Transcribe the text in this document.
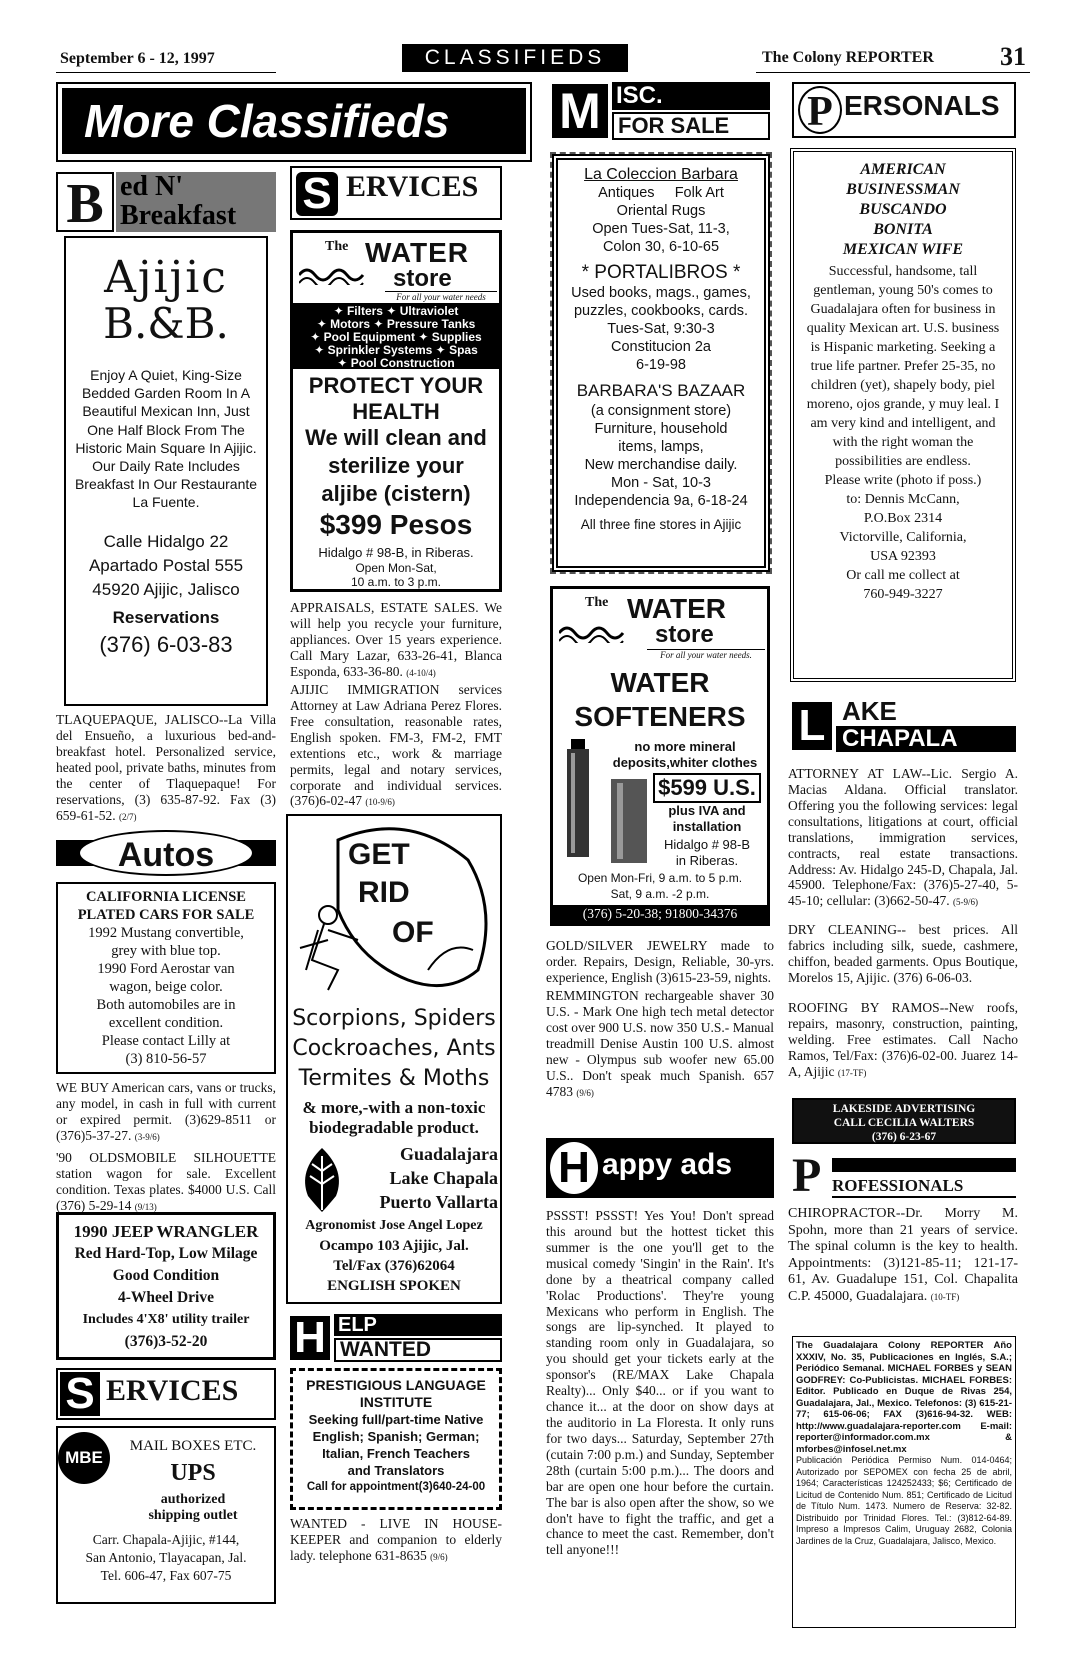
September 6 - 12, 1997	CLASSIFIEDS	The Colony REPORTER	31
More Classifieds
B ed N' Breakfast
Ajijic
B.&B.
Enjoy A Quiet, King-Size Bedded Garden Room In A Beautiful Mexican Inn, Just One Half Block From The Historic Main Square In Ajijic. Our Daily Rate Includes Breakfast In Our Restaurante La Fuente.
Calle Hidalgo 22
Apartado Postal 555
45920 Ajijic, Jalisco
Reservations
(376) 6-03-83
TLAQUEPAQUE, JALISCO--La Villa del Ensueño, a luxurious bed-and-breakfast hotel. Personalized service, heated pool, private baths, minutes from the center of Tlaquepaque! For reservations, (3) 635-87-92. Fax (3) 659-61-52. (2/7)
Autos
CALIFORNIA LICENSE
PLATED CARS FOR SALE
1992 Mustang convertible,
grey with blue top.
1990 Ford Aerostar van
wagon, beige color.
Both automobiles are in
excellent condition.
Please contact Lilly at
(3) 810-56-57
WE BUY American cars, vans or trucks, any model, in cash in full with current or expired permit. (3)629-8511 or (376)5-37-27. (3-9/6)
'90 OLDSMOBILE SILHOUETTE station wagon for sale. Excellent condition. Texas plates. $4000 U.S. Call (376) 5-29-14 (9/13)
1990 JEEP WRANGLER
Red Hard-Top, Low Milage
Good Condition
4-Wheel Drive
Includes 4'X8' utility trailer
(376)3-52-20
S ERVICES
MBE
MAIL BOXES ETC.
UPS
authorized
shipping outlet
Carr. Chapala-Ajijic, #144,
San Antonio, Tlayacapan, Jal.
Tel. 606-47, Fax 607-75
S ERVICES
The WATER
store
For all your water needs
✦ Filters ✦ Ultraviolet
✦ Motors ✦ Pressure Tanks
✦ Pool Equipment ✦ Supplies
✦ Sprinkler Systems ✦ Spas
✦ Pool Construction
PROTECT YOUR
HEALTH
We will clean and
sterilize your
aljibe (cistern)
$399 Pesos
Hidalgo # 98-B, in Riberas.
Open Mon-Sat,
10 a.m. to 3 p.m.
APPRAISALS, ESTATE SALES. We will help you recycle your furniture, appliances. Over 15 years experience. Call Mary Lazar, 633-26-41, Blanca Esponda, 633-36-80. (4-10/4)
AJIJIC IMMIGRATION services Attorney at Law Adriana Perez Flores. Free consultation, reasonable rates, English spoken. FM-3, FM-2, FMT extentions etc., work & marriage permits, legal and notary services, corporate and individual services. (376)6-02-47 (10-9/6)
GET
RID
OF
Scorpions, Spiders
Cockroaches, Ants
Termites & Moths
& more,-with a non-toxic
biodegradable product.
Guadalajara
Lake Chapala
Puerto Vallarta
Agronomist Jose Angel Lopez
Ocampo 103 Ajijic, Jal.
Tel/Fax (376)62064
ENGLISH SPOKEN
H ELP
WANTED
PRESTIGIOUS LANGUAGE
INSTITUTE
Seeking full/part-time Native
English; Spanish; German;
Italian, French Teachers
and Translators
Call for appointment(3)640-24-00
WANTED - LIVE IN HOUSE-KEEPER and companion to elderly lady. telephone 631-8635 (9/6)
M ISC.
FOR SALE
La Coleccion Barbara
Antiques     Folk Art
Oriental Rugs
Open Tues-Sat, 11-3,
Colon 30, 6-10-65
* PORTALIBROS *
Used books, mags., games,
puzzles, cookbooks, cards.
Tues-Sat, 9:30-3
Constitucion 2a
6-19-98
BARBARA'S BAZAAR
(a consignment store)
Furniture, household
items, lamps,
New merchandise daily.
Mon - Sat, 10-3
Independencia 9a, 6-18-24
All three fine stores in Ajijic
The WATER
store
For all your water needs.
WATER
SOFTENERS
no more mineral
deposits,whiter clothes
$599 U.S.
plus IVA and
installation
Hidalgo # 98-B
in Riberas.
Open Mon-Fri, 9 a.m. to 5 p.m.
Sat, 9 a.m. -2 p.m.
(376) 5-20-38; 91800-34376
GOLD/SILVER JEWELRY made to order. Repairs, Design, Reliable, 30-yrs. experience, English (3)615-23-59, nights.
REMMINGTON rechargeable shaver 30 U.S. - Mark One high tech metal detector cost over 900 U.S. now 350 U.S.- Manual treadmill Denise Austin 100 U.S. almost new - Olympus sub woofer new 65.00 U.S.. Don't speak much Spanish. 657 4783 (9/6)
H appy ads
PSSST! PSSST! Yes You! Don't spread this around but the hottest ticket this summer is the one you'll get to the musical comedy 'Singin' in the Rain'. It's done by a theatrical company called 'Rolac Productions'. They're young Mexicans who perform in English. The songs are lip-synched. It played to standing room only in Guadalajara, so you should get your tickets early at the sponsor's (RE/MAX Lake Chapala Realty)... Only $40... or if you want to chance it... at the door on show days at the auditorio in La Floresta. It only runs for two days... Saturday, September 27th (cutain 7:00 p.m.) and Sunday, September 28th (curtain 5:00 p.m.)... The doors and bar are open one hour before the curtain. The bar is also open after the show, so we don't have to fight the traffic, and get a chance to meet the cast. Remember, don't tell anyone!!!
P ERSONALS
AMERICAN
BUSINESSMAN
BUSCANDO
BONITA
MEXICAN WIFE
Successful, handsome, tall gentleman, young 50's comes to Guadalajara often for business in quality Mexican art. U.S. business is Hispanic marketing. Seeking a true life partner. Prefer 25-35, no children (yet), shapely body, piel moreno, ojos grande, y muy leal. I am very kind and intelligent, and with the right woman the possibilities are endless.
Please write (photo if poss.)
to: Dennis McCann,
P.O.Box 2314
Victorville, California,
USA 92393
Or call me collect at
760-949-3227
L AKE
CHAPALA
ATTORNEY AT LAW--Lic. Sergio A. Macias Aldana. Official translator. Offering you the following services: legal consultations, litigations at court, official translations, immigration services, contracts, real estate transactions. Address: Av. Hidalgo 245-D, Chapala, Jal. 45900. Telephone/Fax: (376)5-27-40, 5-45-10; cellular: (3)662-50-47. (5-9/6)
DRY CLEANING-- best prices. All fabrics including silk, suede, cashmere, chiffon, beaded garments. Opus Boutique, Morelos 15, Ajijic. (376) 6-06-03.
ROOFING BY RAMOS--New roofs, repairs, masonry, construction, painting, welding. Free estimates. Call Nacho Ramos, Tel/Fax: (376)6-02-00. Juarez 14-A, Ajijic (17-TF)
LAKESIDE ADVERTISING
CALL CECILIA WALTERS
(376) 6-23-67
P ROFESSIONALS
CHIROPRACTOR--Dr. Morry M. Spohn, more than 21 years of service. The spinal column is the key to health. Appointments: (3)121-85-11; 121-17-61, Av. Guadalupe 151, Col. Chapalita C.P. 45000, Guadalajara. (10-TF)
The Guadalajara Colony REPORTER Año XXXIV, No. 35, Publicaciones en Inglés, S.A.; Periódico Semanal. MICHAEL FORBES y SEAN GODFREY: Co-Publicistas. MICHAEL FORBES: Editor. Publicado en Duque de Rivas 254, Guadalajara, Jal., Mexico. Telefonos: (3) 615-21-77; 615-06-06; FAX (3)616-94-32. WEB: http://www.guadalajara-reporter.com E-mail: reporter@informador.com.mx & mforbes@infosel.net.mx
Publicación Periódica Permiso Num. 014-0464; Autorizado por SEPOMEX con fecha 25 de abril, 1964; Características 124252433; $6; Certificado de Licitud de Contenido Num. 851; Certificado de Licitud de Título Num. 1473. Numero de Reserva: 32-82. Distribuido por Trinidad Flores. Tel.: (3)812-64-89. Impreso a Impresos Calim, Uruguay 2682, Colonia Jardines de la Cruz, Guadalajara, Jalisco, Mexico.
